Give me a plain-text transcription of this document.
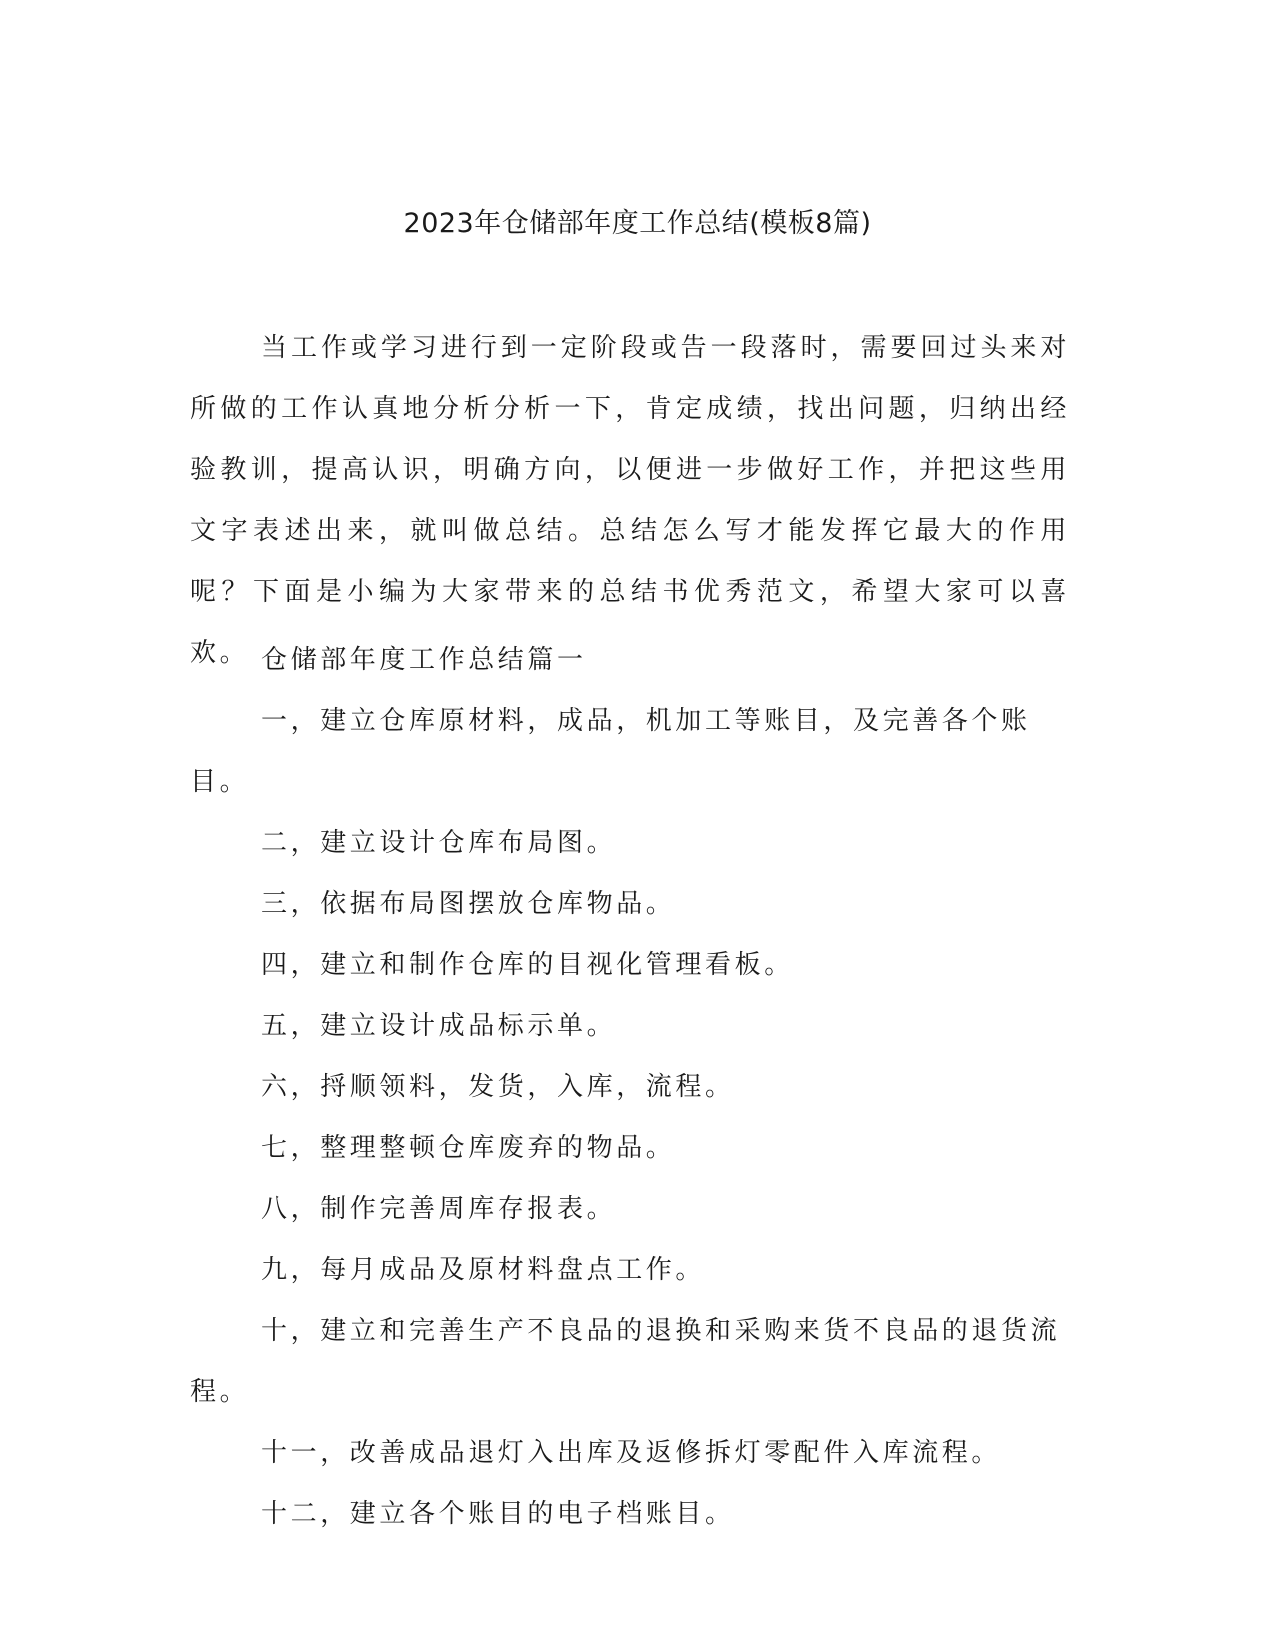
2023年仓储部年度工作总结(模板8篇)

当工作或学习进行到一定阶段或告一段落时，需要回过头来对所做的工作认真地分析分析一下，肯定成绩，找出问题，归纳出经验教训，提高认识，明确方向，以便进一步做好工作，并把这些用文字表述出来，就叫做总结。总结怎么写才能发挥它最大的作用呢？下面是小编为大家带来的总结书优秀范文，希望大家可以喜欢。 仓储部年度工作总结篇一

一，建立仓库原材料，成品，机加工等账目，及完善各个账目。

二，建立设计仓库布局图。

三，依据布局图摆放仓库物品。

四，建立和制作仓库的目视化管理看板。

五，建立设计成品标示单。

六，捋顺领料，发货，入库，流程。

七，整理整顿仓库废弃的物品。

八，制作完善周库存报表。

九，每月成品及原材料盘点工作。

十，建立和完善生产不良品的退换和采购来货不良品的退货流程。

十一，改善成品退灯入出库及返修拆灯零配件入库流程。

十二，建立各个账目的电子档账目。
